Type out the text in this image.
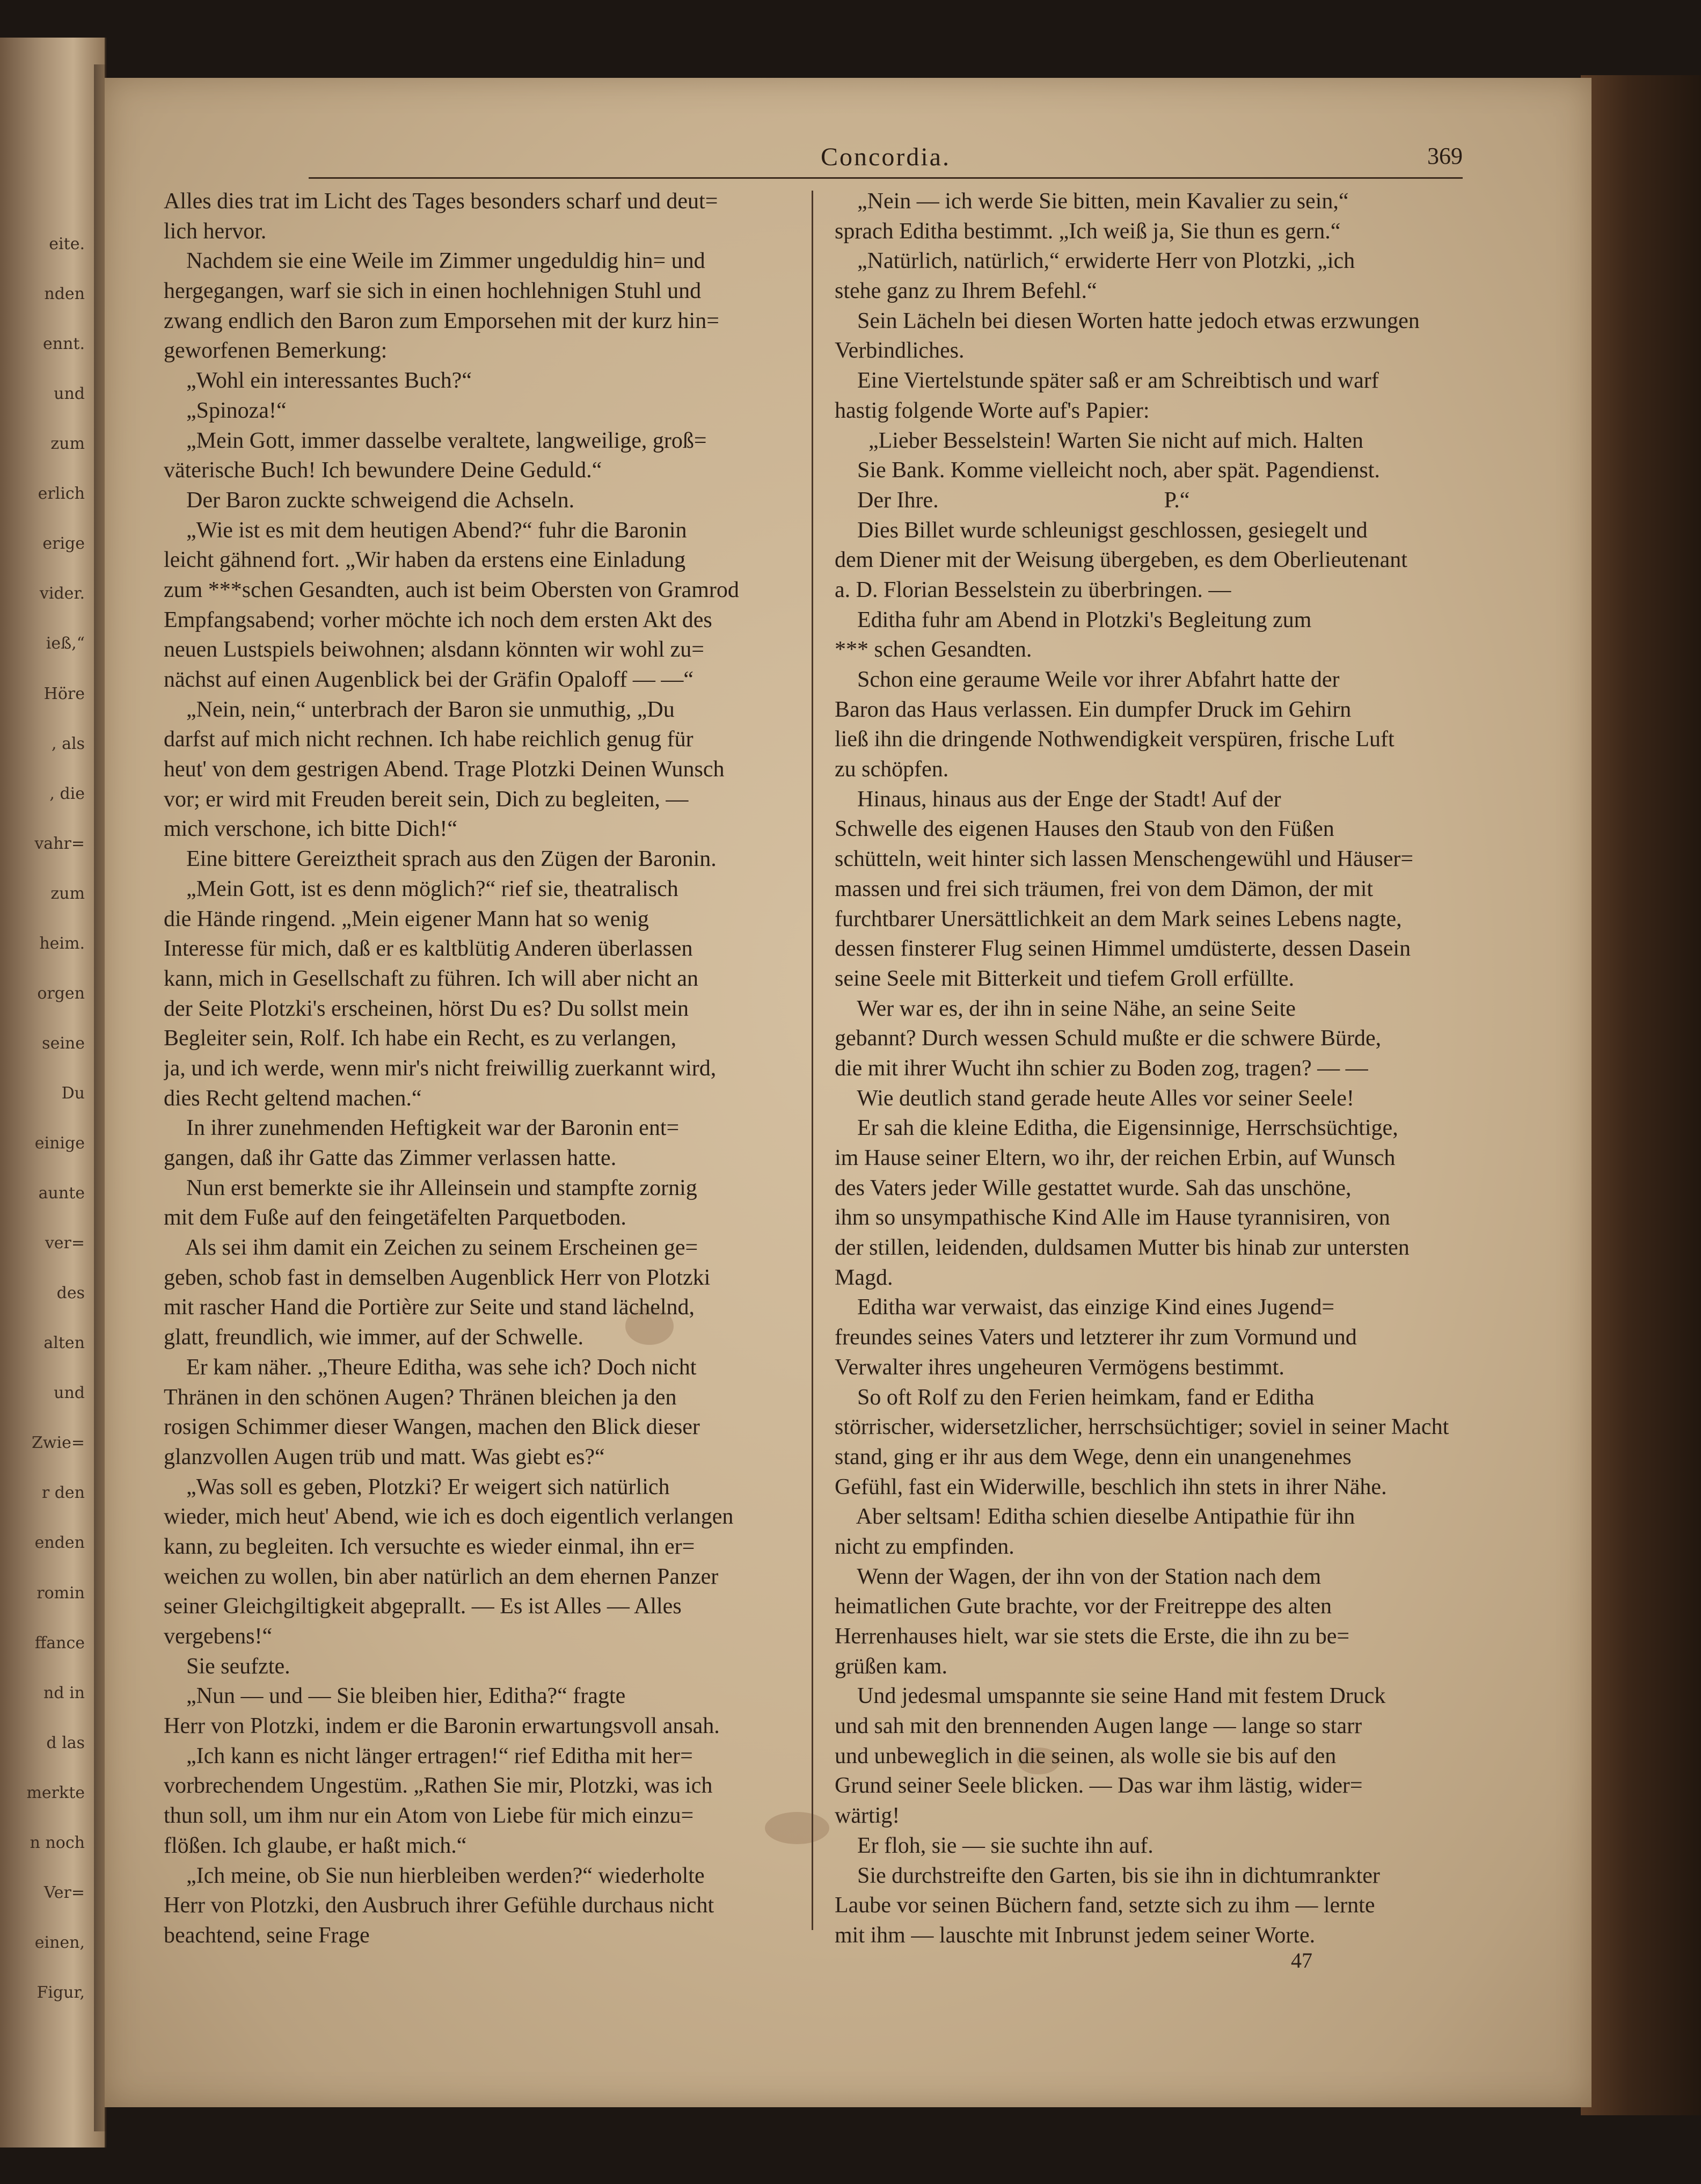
eite.
nden
ennt.
und
zum
erlich
erige
vider.
ieß,“
Höre
, als
, die
vahr=
zum
heim.
orgen
seine
Du
einige
aunte
ver=
des
alten
und
Zwie=
r den
enden
romin
ffance
nd in
d las
merkte
n noch
Ver=
einen,
Figur,
Concordia.	369
Alles dies trat im Licht des Tages besonders scharf und deut=
lich hervor.
Nachdem sie eine Weile im Zimmer ungeduldig hin= und
hergegangen, warf sie sich in einen hochlehnigen Stuhl und
zwang endlich den Baron zum Emporsehen mit der kurz hin=
geworfenen Bemerkung:
„Wohl ein interessantes Buch?“
„Spinoza!“
„Mein Gott, immer dasselbe veraltete, langweilige, groß=
väterische Buch! Ich bewundere Deine Geduld.“
Der Baron zuckte schweigend die Achseln.
„Wie ist es mit dem heutigen Abend?“ fuhr die Baronin
leicht gähnend fort. „Wir haben da erstens eine Einladung
zum ***schen Gesandten, auch ist beim Obersten von Gramrod
Empfangsabend; vorher möchte ich noch dem ersten Akt des
neuen Lustspiels beiwohnen; alsdann könnten wir wohl zu=
nächst auf einen Augenblick bei der Gräfin Opaloff — —“
„Nein, nein,“ unterbrach der Baron sie unmuthig, „Du
darfst auf mich nicht rechnen. Ich habe reichlich genug für
heut' von dem gestrigen Abend. Trage Plotzki Deinen Wunsch
vor; er wird mit Freuden bereit sein, Dich zu begleiten, —
mich verschone, ich bitte Dich!“
Eine bittere Gereiztheit sprach aus den Zügen der Baronin.
„Mein Gott, ist es denn möglich?“ rief sie, theatralisch
die Hände ringend. „Mein eigener Mann hat so wenig
Interesse für mich, daß er es kaltblütig Anderen überlassen
kann, mich in Gesellschaft zu führen. Ich will aber nicht an
der Seite Plotzki's erscheinen, hörst Du es? Du sollst mein
Begleiter sein, Rolf. Ich habe ein Recht, es zu verlangen,
ja, und ich werde, wenn mir's nicht freiwillig zuerkannt wird,
dies Recht geltend machen.“
In ihrer zunehmenden Heftigkeit war der Baronin ent=
gangen, daß ihr Gatte das Zimmer verlassen hatte.
Nun erst bemerkte sie ihr Alleinsein und stampfte zornig
mit dem Fuße auf den feingetäfelten Parquetboden.
Als sei ihm damit ein Zeichen zu seinem Erscheinen ge=
geben, schob fast in demselben Augenblick Herr von Plotzki
mit rascher Hand die Portière zur Seite und stand lächelnd,
glatt, freundlich, wie immer, auf der Schwelle.
Er kam näher. „Theure Editha, was sehe ich? Doch nicht
Thränen in den schönen Augen? Thränen bleichen ja den
rosigen Schimmer dieser Wangen, machen den Blick dieser
glanzvollen Augen trüb und matt. Was giebt es?“
„Was soll es geben, Plotzki? Er weigert sich natürlich
wieder, mich heut' Abend, wie ich es doch eigentlich verlangen
kann, zu begleiten. Ich versuchte es wieder einmal, ihn er=
weichen zu wollen, bin aber natürlich an dem ehernen Panzer
seiner Gleichgiltigkeit abgeprallt. — Es ist Alles — Alles
vergebens!“
Sie seufzte.
„Nun — und — Sie bleiben hier, Editha?“ fragte
Herr von Plotzki, indem er die Baronin erwartungsvoll ansah.
„Ich kann es nicht länger ertragen!“ rief Editha mit her=
vorbrechendem Ungestüm. „Rathen Sie mir, Plotzki, was ich
thun soll, um ihm nur ein Atom von Liebe für mich einzu=
flößen. Ich glaube, er haßt mich.“
„Ich meine, ob Sie nun hierbleiben werden?“ wiederholte
Herr von Plotzki, den Ausbruch ihrer Gefühle durchaus nicht
beachtend, seine Frage
„Nein — ich werde Sie bitten, mein Kavalier zu sein,“
sprach Editha bestimmt. „Ich weiß ja, Sie thun es gern.“
„Natürlich, natürlich,“ erwiderte Herr von Plotzki, „ich
stehe ganz zu Ihrem Befehl.“
Sein Lächeln bei diesen Worten hatte jedoch etwas erzwungen
Verbindliches.
Eine Viertelstunde später saß er am Schreibtisch und warf
hastig folgende Worte auf's Papier:
„Lieber Besselstein! Warten Sie nicht auf mich. Halten
Sie Bank. Komme vielleicht noch, aber spät. Pagendienst.
Der Ihre.                                        P.“
Dies Billet wurde schleunigst geschlossen, gesiegelt und
dem Diener mit der Weisung übergeben, es dem Oberlieutenant
a. D. Florian Besselstein zu überbringen. —
Editha fuhr am Abend in Plotzki's Begleitung zum
*** schen Gesandten.
Schon eine geraume Weile vor ihrer Abfahrt hatte der
Baron das Haus verlassen. Ein dumpfer Druck im Gehirn
ließ ihn die dringende Nothwendigkeit verspüren, frische Luft
zu schöpfen.
Hinaus, hinaus aus der Enge der Stadt! Auf der
Schwelle des eigenen Hauses den Staub von den Füßen
schütteln, weit hinter sich lassen Menschengewühl und Häuser=
massen und frei sich träumen, frei von dem Dämon, der mit
furchtbarer Unersättlichkeit an dem Mark seines Lebens nagte,
dessen finsterer Flug seinen Himmel umdüsterte, dessen Dasein
seine Seele mit Bitterkeit und tiefem Groll erfüllte.
Wer war es, der ihn in seine Nähe, an seine Seite
gebannt? Durch wessen Schuld mußte er die schwere Bürde,
die mit ihrer Wucht ihn schier zu Boden zog, tragen? — —
Wie deutlich stand gerade heute Alles vor seiner Seele!
Er sah die kleine Editha, die Eigensinnige, Herrschsüchtige,
im Hause seiner Eltern, wo ihr, der reichen Erbin, auf Wunsch
des Vaters jeder Wille gestattet wurde. Sah das unschöne,
ihm so unsympathische Kind Alle im Hause tyrannisiren, von
der stillen, leidenden, duldsamen Mutter bis hinab zur untersten
Magd.
Editha war verwaist, das einzige Kind eines Jugend=
freundes seines Vaters und letzterer ihr zum Vormund und
Verwalter ihres ungeheuren Vermögens bestimmt.
So oft Rolf zu den Ferien heimkam, fand er Editha
störrischer, widersetzlicher, herrschsüchtiger; soviel in seiner Macht
stand, ging er ihr aus dem Wege, denn ein unangenehmes
Gefühl, fast ein Widerwille, beschlich ihn stets in ihrer Nähe.
Aber seltsam! Editha schien dieselbe Antipathie für ihn
nicht zu empfinden.
Wenn der Wagen, der ihn von der Station nach dem
heimatlichen Gute brachte, vor der Freitreppe des alten
Herrenhauses hielt, war sie stets die Erste, die ihn zu be=
grüßen kam.
Und jedesmal umspannte sie seine Hand mit festem Druck
und sah mit den brennenden Augen lange — lange so starr
und unbeweglich in die seinen, als wolle sie bis auf den
Grund seiner Seele blicken. — Das war ihm lästig, wider=
wärtig!
Er floh, sie — sie suchte ihn auf.
Sie durchstreifte den Garten, bis sie ihn in dichtumrankter
Laube vor seinen Büchern fand, setzte sich zu ihm — lernte
mit ihm — lauschte mit Inbrunst jedem seiner Worte.
47
